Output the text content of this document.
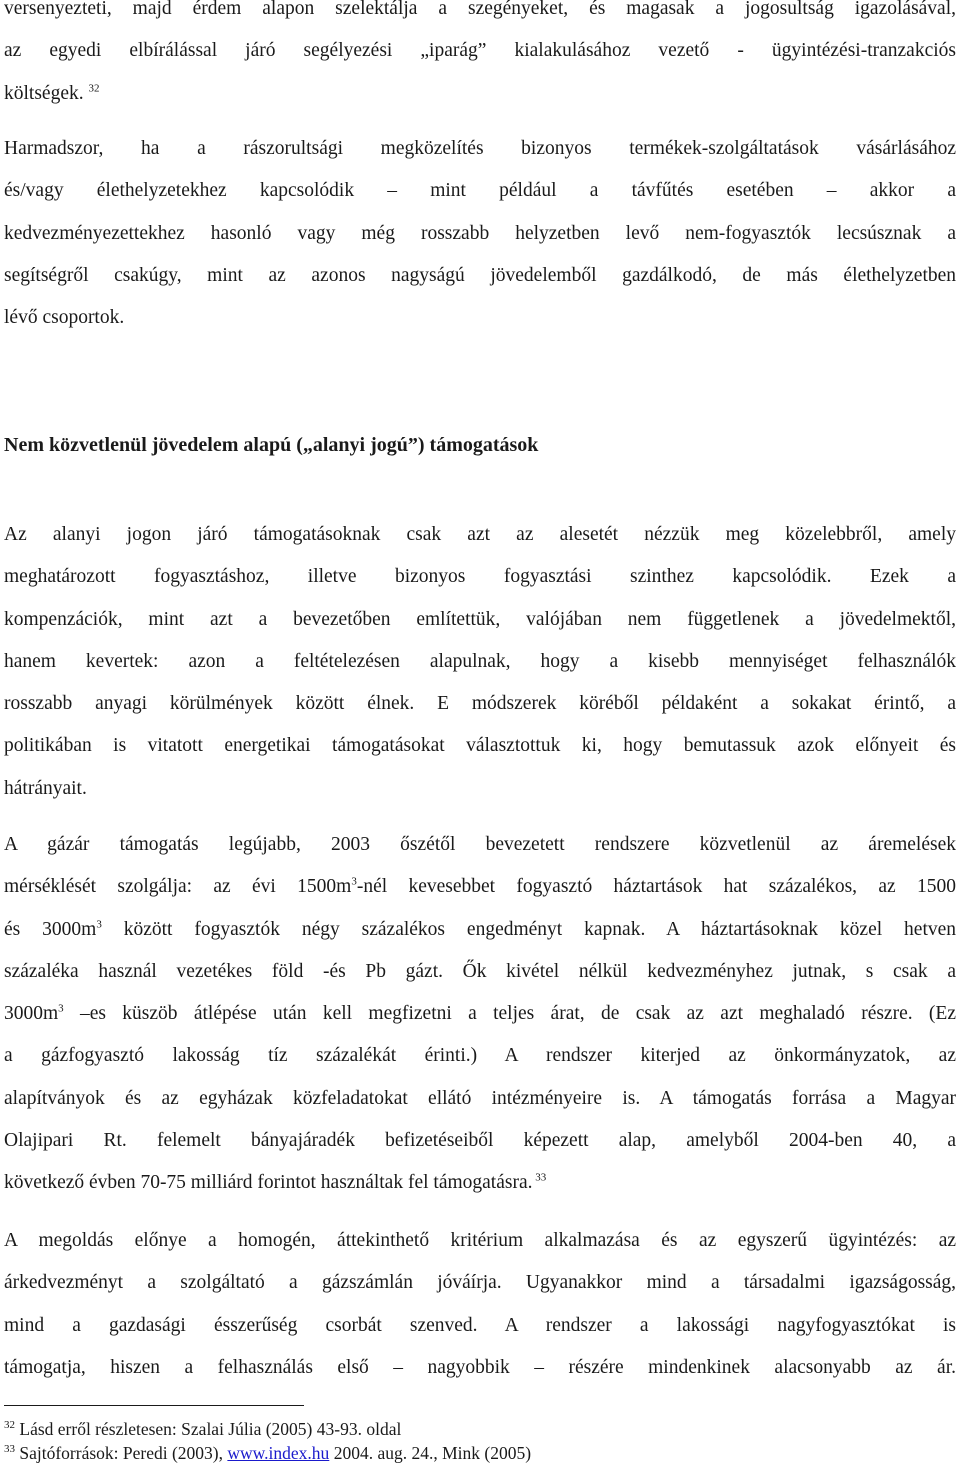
versenyezteti, majd érdem alapon szelektálja a szegényeket, és magasak a jogosultság igazolásával,
az egyedi elbírálással járó segélyezési „iparág” kialakulásához vezető - ügyintézési-tranzakciós
költségek. $^{32}$
Harmadszor, ha a rászorultsági megközelítés bizonyos termékek-szolgáltatások vásárlásához
és/vagy élethelyzetekhez kapcsolódik – mint például a távfűtés esetében – akkor a
kedvezményezettekhez hasonló vagy még rosszabb helyzetben levő nem-fogyasztók lecsúsznak a
segítségről csakúgy, mint az azonos nagyságú jövedelemből gazdálkodó, de más élethelyzetben
lévő csoportok.
Nem közvetlenül jövedelem alapú („alanyi jogú”) támogatások
Az alanyi jogon járó támogatásoknak csak azt az alesetét nézzük meg közelebbről, amely
meghatározott fogyasztáshoz, illetve bizonyos fogyasztási szinthez kapcsolódik. Ezek a
kompenzációk, mint azt a bevezetőben említettük, valójában nem függetlenek a jövedelmektől,
hanem kevertek: azon a feltételezésen alapulnak, hogy a kisebb mennyiséget felhasználók
rosszabb anyagi körülmények között élnek. E módszerek köréből példaként a sokakat érintő, a
politikában is vitatott energetikai támogatásokat választottuk ki, hogy bemutassuk azok előnyeit és
hátrányait.
A gázár támogatás legújabb, 2003 őszétől bevezetett rendszere közvetlenül az áremelések
mérséklését szolgálja: az évi $1500m^3$-nél kevesebbet fogyasztó háztartások hat százalékos, az 1500
és $3000m^3$ között fogyasztók négy százalékos engedményt kapnak. A háztartásoknak közel hetven
százaléka használ vezetékes föld -és Pb gázt. Ők kivétel nélkül kedvezményhez jutnak, s csak a
$3000m^3$ –es küszöb átlépése után kell megfizetni a teljes árat, de csak az azt meghaladó részre. (Ez
a gázfogyasztó lakosság tíz százalékát érinti.) A rendszer kiterjed az önkormányzatok, az
alapítványok és az egyházak közfeladatokat ellátó intézményeire is. A támogatás forrása a Magyar
Olajipari Rt. felemelt bányajáradék befizetéseiből képezett alap, amelyből 2004-ben 40, a
következő évben 70-75 milliárd forintot használtak fel támogatásra. $^{33}$
A megoldás előnye a homogén, áttekinthető kritérium alkalmazása és az egyszerű ügyintézés: az
árkedvezményt a szolgáltató a gázszámlán jóváírja. Ugyanakkor mind a társadalmi igazságosság,
mind a gazdasági ésszerűség csorbát szenved. A rendszer a lakossági nagyfogyasztókat is
támogatja, hiszen a felhasználás első – nagyobbik – részére mindenkinek alacsonyabb az ár.

$^{32}$ Lásd erről részletesen: Szalai Júlia (2005) 43-93. oldal

$^{33}$ Sajtóforrások: Peredi (2003), www.index.hu 2004. aug. 24., Mink (2005)
